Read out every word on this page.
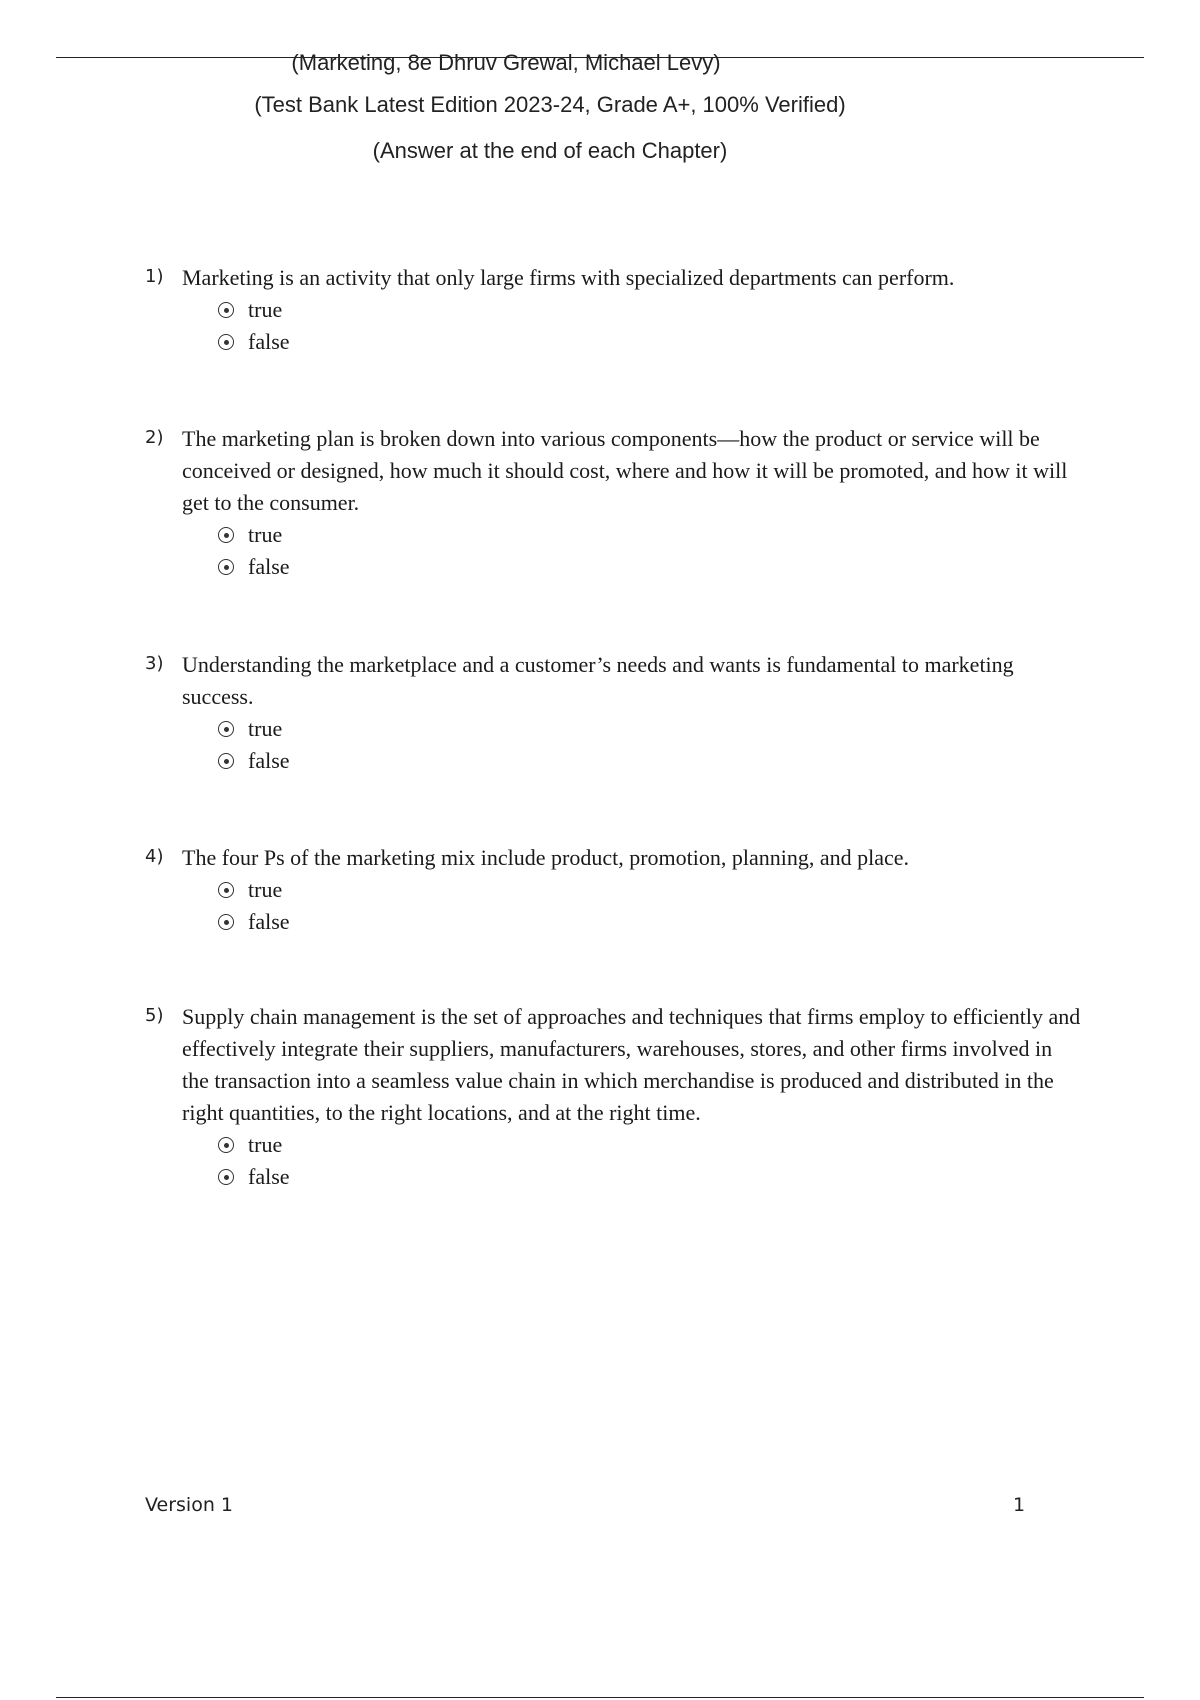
(Marketing, 8e Dhruv Grewal, Michael Levy)
(Test Bank Latest Edition 2023-24, Grade A+, 100% Verified)
(Answer at the end of each Chapter)
1) Marketing is an activity that only large firms with specialized departments can perform.
true
false
2) The marketing plan is broken down into various components—how the product or service will be conceived or designed, how much it should cost, where and how it will be promoted, and how it will get to the consumer.
true
false
3) Understanding the marketplace and a customer’s needs and wants is fundamental to marketing success.
true
false
4) The four Ps of the marketing mix include product, promotion, planning, and place.
true
false
5) Supply chain management is the set of approaches and techniques that firms employ to efficiently and effectively integrate their suppliers, manufacturers, warehouses, stores, and other firms involved in the transaction into a seamless value chain in which merchandise is produced and distributed in the right quantities, to the right locations, and at the right time.
true
false
Version 1	1
